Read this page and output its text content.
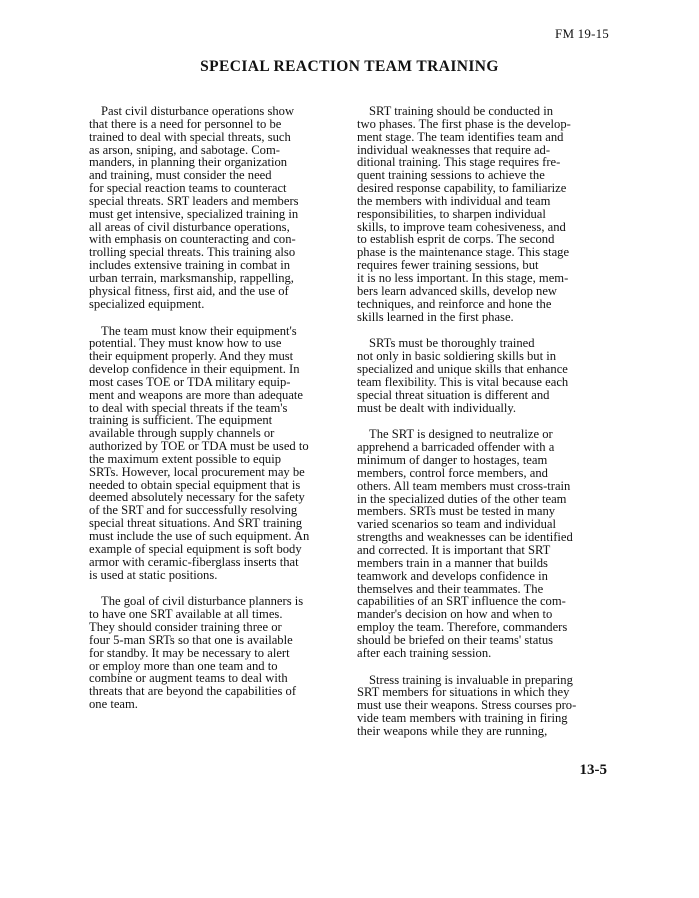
FM 19-15
SPECIAL REACTION TEAM TRAINING

Past civil disturbance operations show
that there is a need for personnel to be
trained to deal with special threats, such
as arson, sniping, and sabotage. Com-
manders, in planning their organization
and training, must consider the need
for special reaction teams to counteract
special threats. SRT leaders and members
must get intensive, specialized training in
all areas of civil disturbance operations,
with emphasis on counteracting and con-
trolling special threats. This training also
includes extensive training in combat in
urban terrain, marksmanship, rappelling,
physical fitness, first aid, and the use of
specialized equipment.

The team must know their equipment's
potential. They must know how to use
their equipment properly. And they must
develop confidence in their equipment. In
most cases TOE or TDA military equip-
ment and weapons are more than adequate
to deal with special threats if the team's
training is sufficient. The equipment
available through supply channels or
authorized by TOE or TDA must be used to
the maximum extent possible to equip
SRTs. However, local procurement may be
needed to obtain special equipment that is
deemed absolutely necessary for the safety
of the SRT and for successfully resolving
special threat situations. And SRT training
must include the use of such equipment. An
example of special equipment is soft body
armor with ceramic-fiberglass inserts that
is used at static positions.

The goal of civil disturbance planners is
to have one SRT available at all times.
They should consider training three or
four 5-man SRTs so that one is available
for standby. It may be necessary to alert
or employ more than one team and to
combine or augment teams to deal with
threats that are beyond the capabilities of
one team.

SRT training should be conducted in
two phases. The first phase is the develop-
ment stage. The team identifies team and
individual weaknesses that require ad-
ditional training. This stage requires fre-
quent training sessions to achieve the
desired response capability, to familiarize
the members with individual and team
responsibilities, to sharpen individual
skills, to improve team cohesiveness, and
to establish esprit de corps. The second
phase is the maintenance stage. This stage
requires fewer training sessions, but
it is no less important. In this stage, mem-
bers learn advanced skills, develop new
techniques, and reinforce and hone the
skills learned in the first phase.

SRTs must be thoroughly trained
not only in basic soldiering skills but in
specialized and unique skills that enhance
team flexibility. This is vital because each
special threat situation is different and
must be dealt with individually.

The SRT is designed to neutralize or
apprehend a barricaded offender with a
minimum of danger to hostages, team
members, control force members, and
others. All team members must cross-train
in the specialized duties of the other team
members. SRTs must be tested in many
varied scenarios so team and individual
strengths and weaknesses can be identified
and corrected. It is important that SRT
members train in a manner that builds
teamwork and develops confidence in
themselves and their teammates. The
capabilities of an SRT influence the com-
mander's decision on how and when to
employ the team. Therefore, commanders
should be briefed on their teams' status
after each training session.

Stress training is invaluable in preparing
SRT members for situations in which they
must use their weapons. Stress courses pro-
vide team members with training in firing
their weapons while they are running,

13-5
